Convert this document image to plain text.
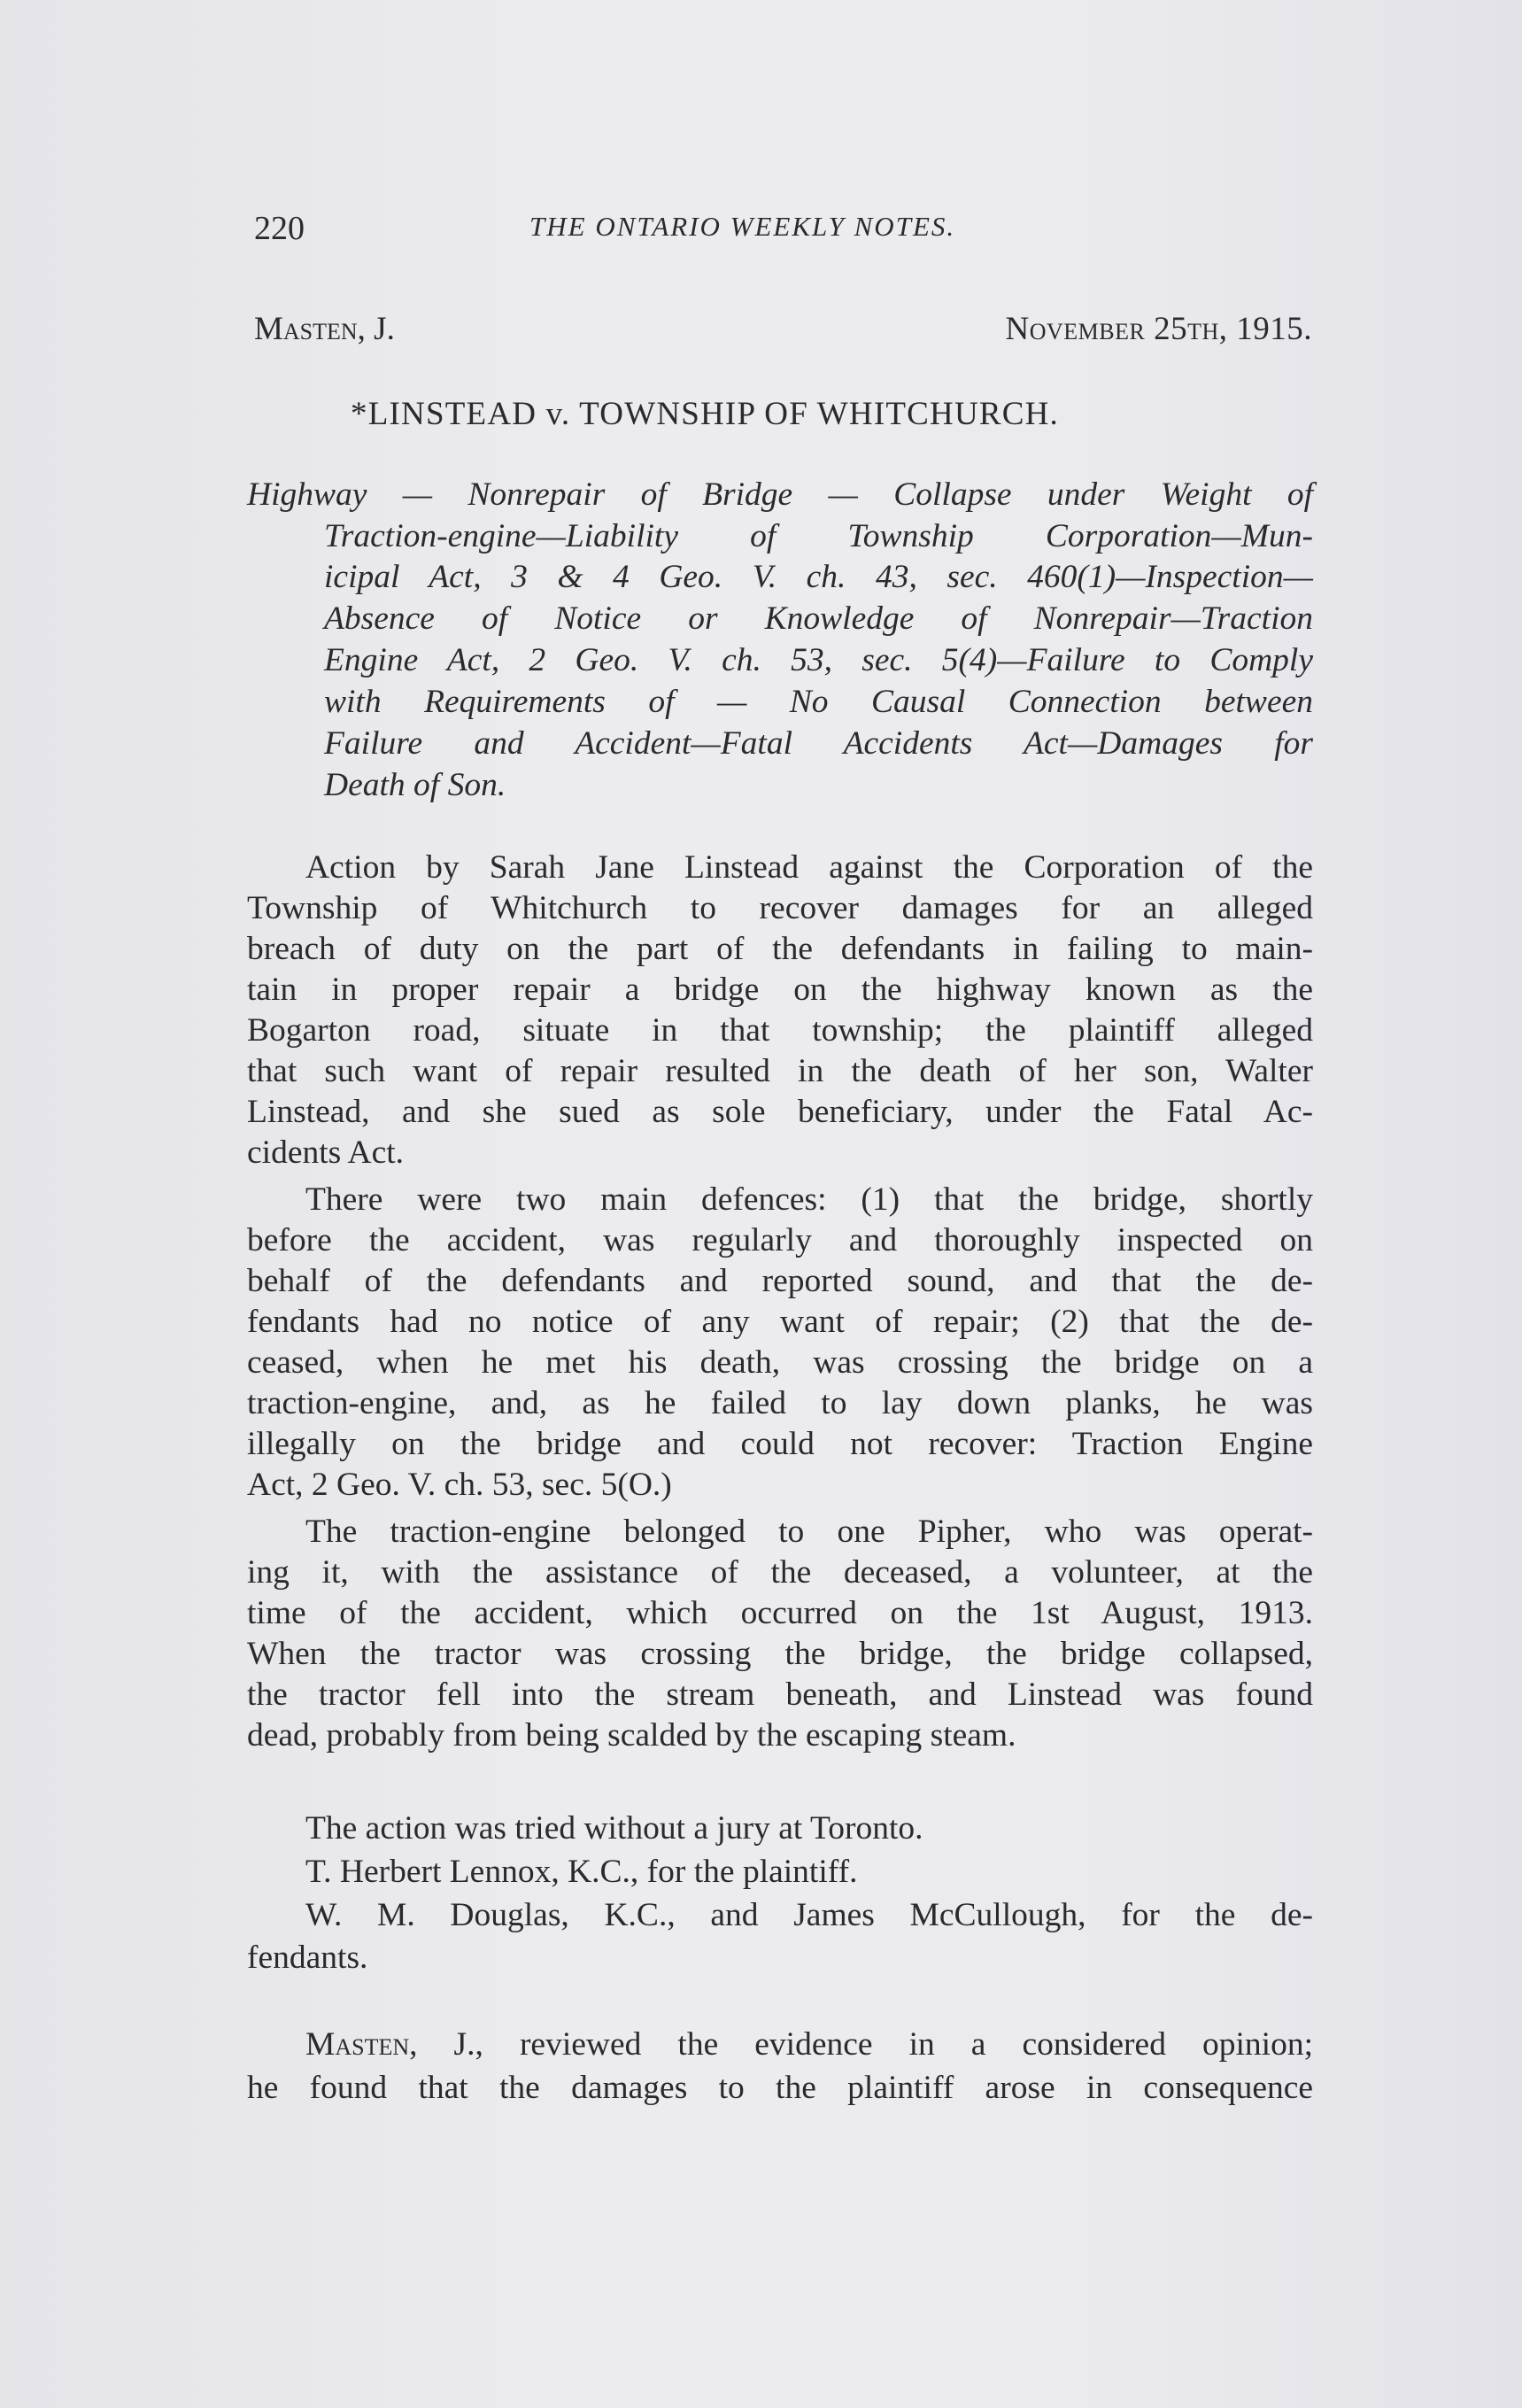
220	THE ONTARIO WEEKLY NOTES.
Masten, J.	November 25th, 1915.
*LINSTEAD v. TOWNSHIP OF WHITCHURCH.
Highway — Nonrepair of Bridge — Collapse under Weight of
Traction-engine—Liability of Township Corporation—Mun-
icipal Act, 3 & 4 Geo. V. ch. 43, sec. 460(1)—Inspection—
Absence of Notice or Knowledge of Nonrepair—Traction
Engine Act, 2 Geo. V. ch. 53, sec. 5(4)—Failure to Comply
with Requirements of — No Causal Connection between
Failure and Accident—Fatal Accidents Act—Damages for
Death of Son.
Action by Sarah Jane Linstead against the Corporation of the
Township of Whitchurch to recover damages for an alleged
breach of duty on the part of the defendants in failing to main-
tain in proper repair a bridge on the highway known as the
Bogarton road, situate in that township; the plaintiff alleged
that such want of repair resulted in the death of her son, Walter
Linstead, and she sued as sole beneficiary, under the Fatal Ac-
cidents Act.
There were two main defences: (1) that the bridge, shortly
before the accident, was regularly and thoroughly inspected on
behalf of the defendants and reported sound, and that the de-
fendants had no notice of any want of repair; (2) that the de-
ceased, when he met his death, was crossing the bridge on a
traction-engine, and, as he failed to lay down planks, he was
illegally on the bridge and could not recover: Traction Engine
Act, 2 Geo. V. ch. 53, sec. 5(O.)
The traction-engine belonged to one Pipher, who was operat-
ing it, with the assistance of the deceased, a volunteer, at the
time of the accident, which occurred on the 1st August, 1913.
When the tractor was crossing the bridge, the bridge collapsed,
the tractor fell into the stream beneath, and Linstead was found
dead, probably from being scalded by the escaping steam.
The action was tried without a jury at Toronto.
T. Herbert Lennox, K.C., for the plaintiff.
W. M. Douglas, K.C., and James McCullough, for the de-
fendants.
Masten, J., reviewed the evidence in a considered opinion;
he found that the damages to the plaintiff arose in consequence
